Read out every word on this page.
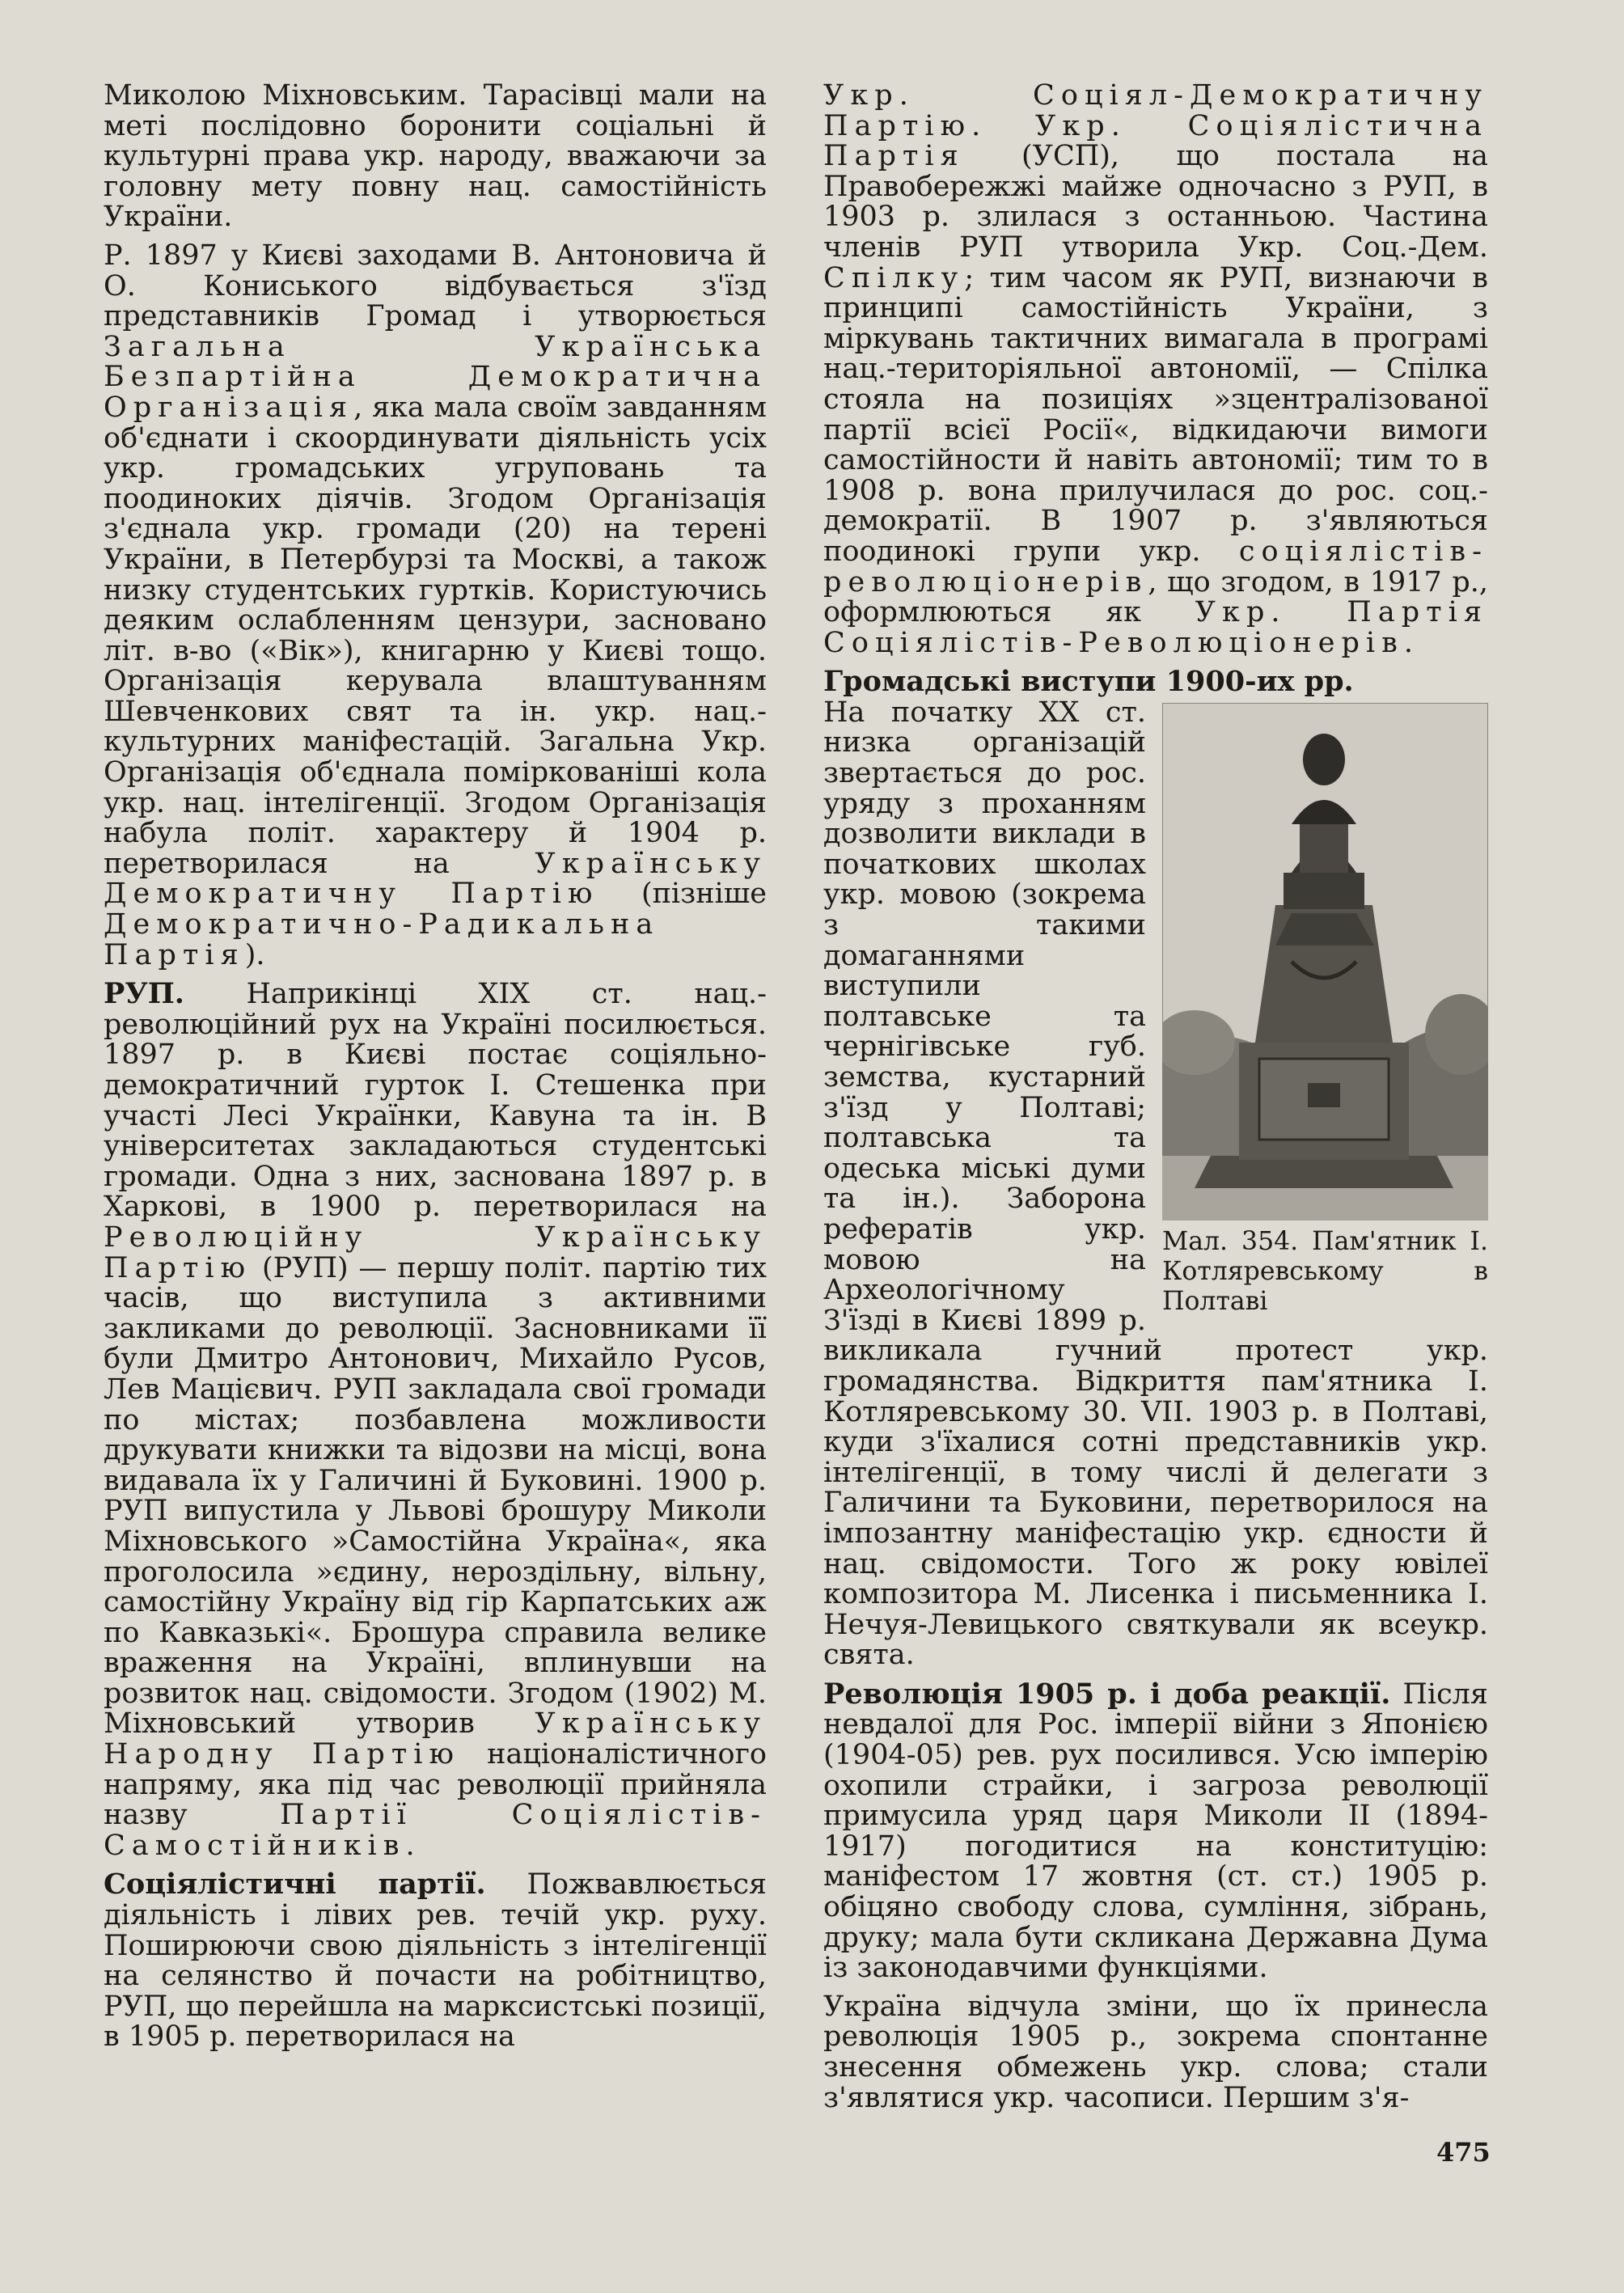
Миколою Міхновським. Тарасівці мали на меті послідовно боронити соціальні й культурні права укр. народу, вважаючи за головну мету повну нац. самостійність України.

Р. 1897 у Києві заходами В. Антоновича й О. Кониського відбувається з'їзд представників Громад і утворюється Загальна Українська Безпартійна Демократична Організація, яка мала своїм завданням об'єднати і скоординувати діяльність усіх укр. громадських угруповань та поодиноких діячів. Згодом Організація з'єднала укр. громади (20) на терені України, в Петербурзі та Москві, а також низку студентських гуртків. Користуючись деяким ослабленням цензури, засновано літ. в-во («Вік»), книгарню у Києві тощо. Організація керувала влаштуванням Шевченкових свят та ін. укр. нац.-культурних маніфестацій. Загальна Укр. Організація об'єднала поміркованіші кола укр. нац. інтелігенції. Згодом Організація набула політ. характеру й 1904 р. перетворилася на Українську Демократичну Партію (пізніше Демократично-Радикальна Партія).

РУП. Наприкінці XIX ст. нац.-революційний рух на Україні посилюється. 1897 р. в Києві постає соціяльно-демократичний гурток І. Стешенка при участі Лесі Українки, Кавуна та ін. В університетах закладаються студентські громади. Одна з них, заснована 1897 р. в Харкові, в 1900 р. перетворилася на Революційну Українську Партію (РУП) — першу політ. партію тих часів, що виступила з активними закликами до революції. Засновниками її були Дмитро Антонович, Михайло Русов, Лев Мацієвич. РУП закладала свої громади по містах; позбавлена можливости друкувати книжки та відозви на місці, вона видавала їх у Галичині й Буковині. 1900 р. РУП випустила у Львові брошуру Миколи Міхновського »Самостійна Україна«, яка проголосила »єдину, нероздільну, вільну, самостійну Україну від гір Карпатських аж по Кавказькі«. Брошура справила велике враження на Україні, вплинувши на розвиток нац. свідомости. Згодом (1902) М. Міхновський утворив Українську Народну Партію націоналістичного напряму, яка під час революції прийняла назву Партії Соціялістів-Самостійників.

Соціялістичні партії. Пожвавлюється діяльність і лівих рев. течій укр. руху. Поширюючи свою діяльність з інтелігенції на селянство й почасти на робітництво, РУП, що перейшла на марксистські позиції, в 1905 р. перетворилася на

Укр. Соціял-Демократичну Партію. Укр. Соціялістична Партія (УСП), що постала на Правобережжі майже одночасно з РУП, в 1903 р. злилася з останньою. Частина членів РУП утворила Укр. Соц.-Дем. Спілку; тим часом як РУП, визнаючи в принципі самостійність України, з міркувань тактичних вимагала в програмі нац.-територіяльної автономії, — Спілка стояла на позиціях »зцентралізованої партії всієї Росії«, відкидаючи вимоги самостійности й навіть автономії; тим то в 1908 р. вона прилучилася до рос. соц.-демократії. В 1907 р. з'являються поодинокі групи укр. соціялістів-революціонерів, що згодом, в 1917 р., оформлюються як Укр. Партія Соціялістів-Революціонерів.

Громадські виступи 1900-их рр.

Мал. 354. Пам'ятник І. Котляревському в Полтаві
На початку XX ст. низка організацій звертається до рос. уряду з проханням дозволити виклади в початкових школах укр. мовою (зокрема з такими домаганнями виступили полтавське та чернігівське губ. земства, кустарний з'їзд у Полтаві; полтавська та одеська міські думи та ін.). Заборона рефератів укр. мовою на Археологічному З'їзді в Києві 1899 р. викликала гучний протест укр. громадянства. Відкриття пам'ятника І. Котляревському 30. VII. 1903 р. в Полтаві, куди з'їхалися сотні представників укр. інтелігенції, в тому числі й делегати з Галичини та Буковини, перетворилося на імпозантну маніфестацію укр. єдности й нац. свідомости. Того ж року ювілеї композитора М. Лисенка і письменника І. Нечуя-Левицького святкували як всеукр. свята.

Революція 1905 р. і доба реакції. Після невдалої для Рос. імперії війни з Японією (1904-05) рев. рух посилився. Усю імперію охопили страйки, і загроза революції примусила уряд царя Миколи II (1894-1917) погодитися на конституцію: маніфестом 17 жовтня (ст. ст.) 1905 р. обіцяно свободу слова, сумління, зібрань, друку; мала бути скликана Державна Дума із законодавчими функціями.

Україна відчула зміни, що їх принесла революція 1905 р., зокрема спонтанне знесення обмежень укр. слова; стали з'являтися укр. часописи. Першим з'я-

475
